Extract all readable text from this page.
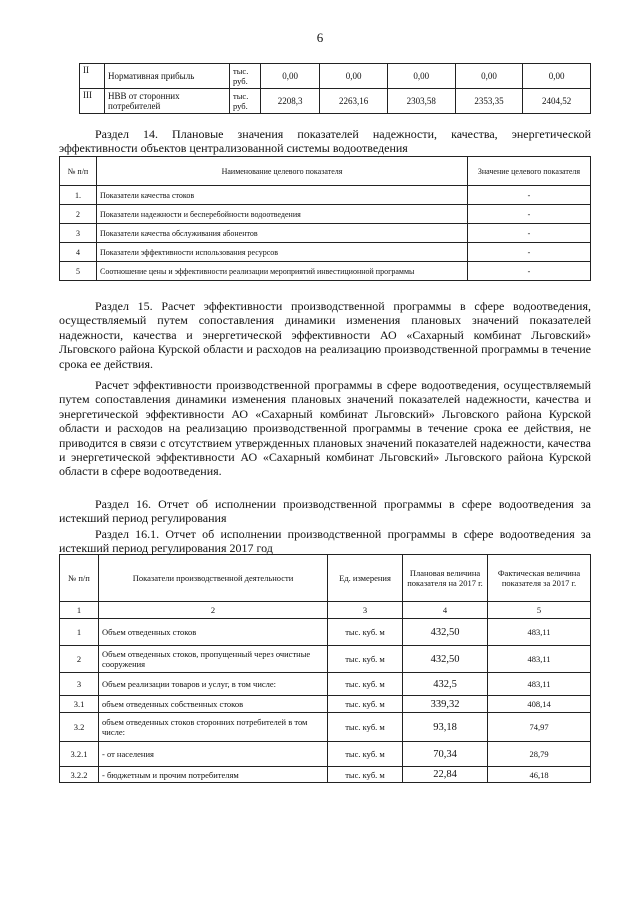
6
II	Нормативная прибыль	тыс. руб.	0,00	0,00	0,00	0,00	0,00
III	НВВ от сторонних потребителей	тыс. руб.	2208,3	2263,16	2303,58	2353,35	2404,52
Раздел 14. Плановые значения показателей надежности, качества, энергетической эффективности объектов централизованной системы водоотведения
№ п/п	Наименование целевого показателя	Значение целевого показателя
1.	Показатели качества стоков	-
2	Показатели надежности и бесперебойности водоотведения	-
3	Показатели качества обслуживания абонентов	-
4	Показатели эффективности использования ресурсов	-
5	Соотношение цены и эффективности реализации мероприятий инвестиционной программы	-
Раздел 15. Расчет эффективности производственной программы в сфере водоотведения, осуществляемый путем сопоставления динамики изменения плановых значений показателей надежности, качества и энергетической эффективности АО «Сахарный комбинат Льговский» Льговского района Курской области и расходов на реализацию производственной программы в течение срока ее действия.
Расчет эффективности производственной программы в сфере водоотведения, осуществляемый путем сопоставления динамики изменения плановых значений показателей надежности, качества и энергетической эффективности АО «Сахарный комбинат Льговский» Льговского района Курской области и расходов на реализацию производственной программы в течение срока ее действия, не приводится в связи с отсутствием утвержденных плановых значений показателей надежности, качества и энергетической эффективности АО «Сахарный комбинат Льговский» Льговского района Курской области в сфере водоотведения.
Раздел 16. Отчет об исполнении производственной программы в сфере водоотведения за истекший период регулирования
Раздел 16.1. Отчет об исполнении производственной программы в сфере водоотведения за истекший период регулирования 2017 год
№ п/п	Показатели производственной деятельности	Ед. измерения	Плановая величина показателя на 2017 г.	Фактическая величина показателя за 2017 г.
1	2	3	4	5
1	Объем отведенных стоков	тыс. куб. м	432,50	483,11
2	Объем отведенных стоков, пропущенный через очистные сооружения	тыс. куб. м	432,50	483,11
3	Объем реализации товаров и услуг, в том числе:	тыс. куб. м	432,5	483,11
3.1	объем отведенных собственных стоков	тыс. куб. м	339,32	408,14
3.2	объем отведенных стоков сторонних потребителей в том числе:	тыс. куб. м	93,18	74,97
3.2.1	- от населения	тыс. куб. м	70,34	28,79
3.2.2	- бюджетным и прочим потребителям	тыс. куб. м	22,84	46,18
